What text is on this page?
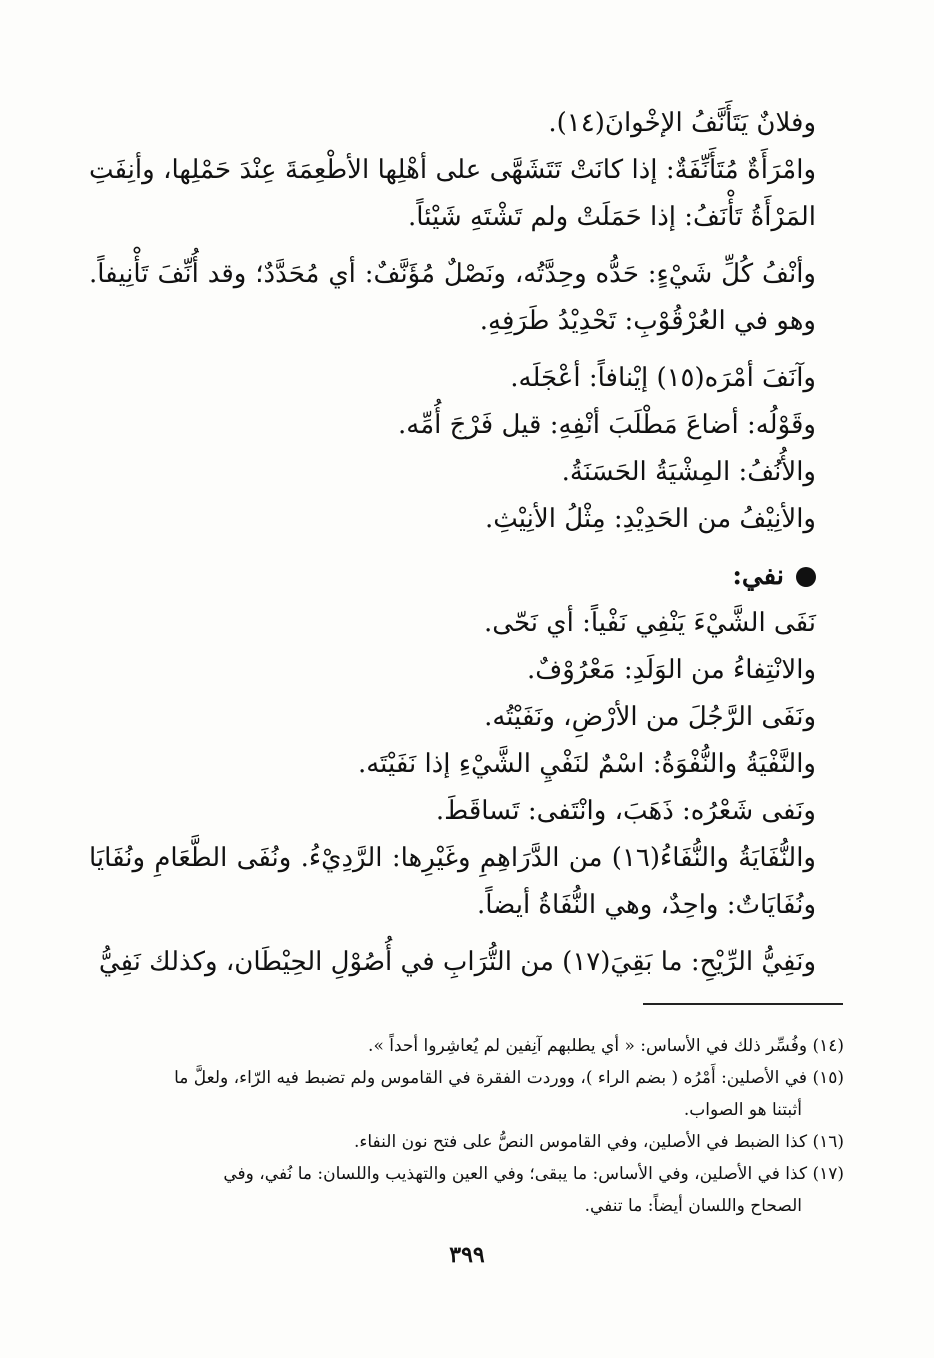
وفلانٌ يَتَأَنَّفُ الإخْوانَ(١٤).

وامْرَأَةٌ مُتَأَنِّفَةٌ: إذا كانَتْ تَتَشَهَّى على أهْلِها الأطْعِمَةَ عِنْدَ حَمْلِها، وأنِفَتِ المَرْأَةُ تَأْنَفُ: إذا حَمَلَتْ ولم تَشْتَهِ شَيْئاً.

وأنْفُ كُلِّ شَيْءٍ: حَدُّه وحِدَّتُه، ونَصْلٌ مُؤَنَّفٌ: أي مُحَدَّدٌ؛ وقد أُنِّفَ تَأْنِيفاً. وهو في العُرْقُوْبِ: تَحْدِيْدُ طَرَفِهِ.

وآنَفَ أمْرَه(١٥) إيْنافاً: أعْجَلَه.

وقَوْلُه: أضاعَ مَطْلَبَ أنْفِهِ: قيل فَرْجَ أُمِّه.

والأُنُفُ: المِشْيَةُ الحَسَنَةُ.

والأنِيْفُ من الحَدِيْدِ: مِثْلُ الأنِيْثِ.

نفي:

نَفَى الشَّيْءَ يَنْفِي نَفْياً: أي نَحّى.

والانْتِفاءُ من الوَلَدِ: مَعْرُوْفٌ.

ونَفَى الرَّجُلَ من الأرْضِ، ونَفَيْتُه.

والنَّفْيَةُ والنُّفْوَةُ: اسْمٌ لنَفْيِ الشَّيْءِ إذا نَفَيْتَه.

ونَفى شَعْرُه: ذَهَبَ، وانْتَفى: تَساقَطَ.

والنُّفَايَةُ والنُّفَاءُ(١٦) من الدَّرَاهِمِ وغَيْرِها: الرَّدِيْءُ. ونُفَى الطَّعَامِ ونُفَايَا ونُفَايَاتٌ: واحِدٌ، وهي النُّفَاةُ أيضاً.

ونَفِيُّ الرِّيْحِ: ما بَقِيَ(١٧) من التُّرَابِ في أُصُوْلِ الحِيْطَان، وكذلك نَفِيُّ

(١٤) وفُسِّر ذلك في الأساس: « أي يطلبهم آنِفين لم يُعاشِروا أحداً ».

(١٥) في الأصلين: أَمْرُه ( بضم الراء )، ووردت الفقرة في القاموس ولم تضبط فيه الرّاء، ولعلَّ ما
أثبتنا هو الصواب.

(١٦) كذا الضبط في الأصلين، وفي القاموس النصُّ على فتح نون النفاء.

(١٧) كذا في الأصلين، وفي الأساس: ما يبقى؛ وفي العين والتهذيب واللسان: ما نُفي، وفي
الصحاح واللسان أيضاً: ما تنفي.

٣٩٩
